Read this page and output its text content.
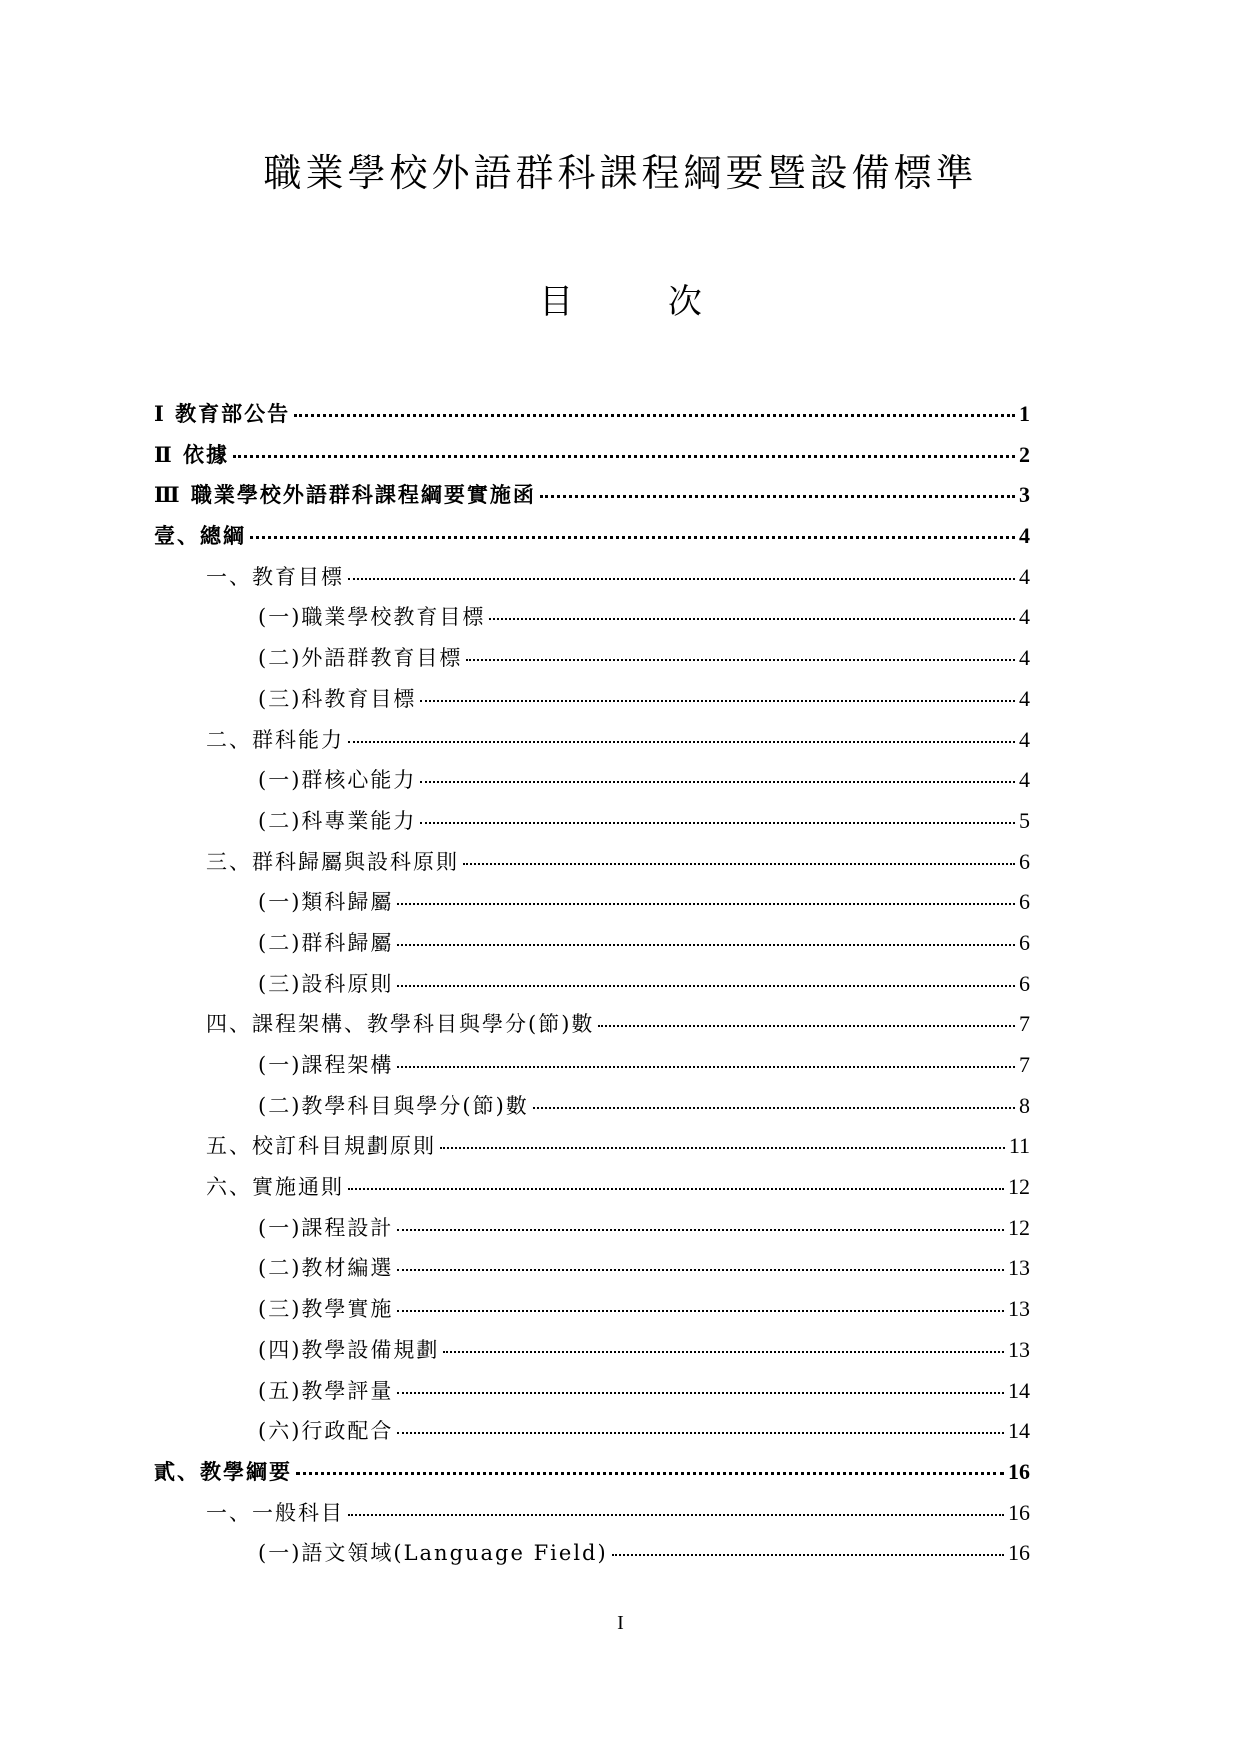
職業學校外語群科課程綱要暨設備標準
目	次
Ⅰ 教育部公告	1
Ⅱ 依據	2
Ⅲ 職業學校外語群科課程綱要實施函	3
壹、總綱	4
一、教育目標	4
(一)職業學校教育目標	4
(二)外語群教育目標	4
(三)科教育目標	4
二、群科能力	4
(一)群核心能力	4
(二)科專業能力	5
三、群科歸屬與設科原則	6
(一)類科歸屬	6
(二)群科歸屬	6
(三)設科原則	6
四、課程架構、教學科目與學分(節)數	7
(一)課程架構	7
(二)教學科目與學分(節)數	8
五、校訂科目規劃原則	11
六、實施通則	12
(一)課程設計	12
(二)教材編選	13
(三)教學實施	13
(四)教學設備規劃	13
(五)教學評量	14
(六)行政配合	14
貳、教學綱要	16
一、一般科目	16
(一)語文領域(Language Field)	16
I
